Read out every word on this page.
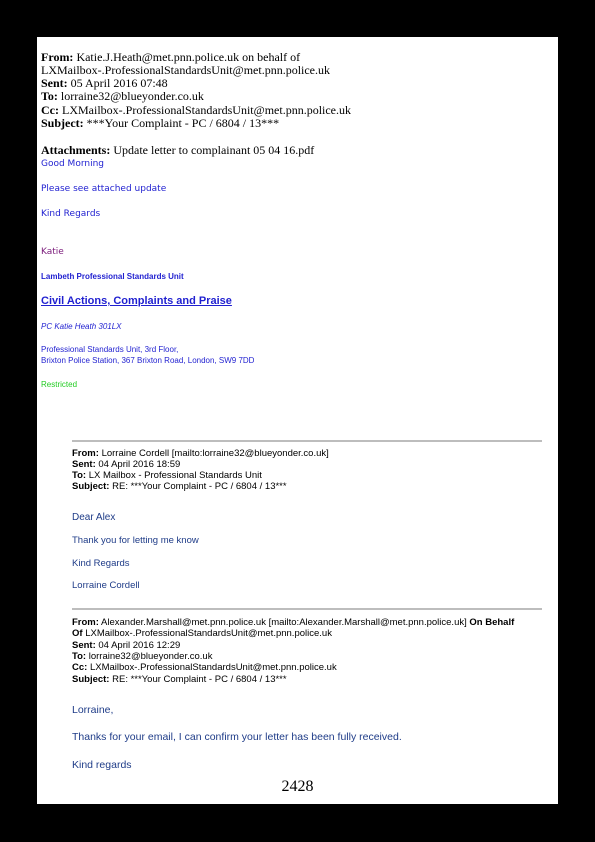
From: Katie.J.Heath@met.pnn.police.uk on behalf of
LXMailbox-.ProfessionalStandardsUnit@met.pnn.police.uk
Sent: 05 April 2016 07:48
To: lorraine32@blueyonder.co.uk
Cc: LXMailbox-.ProfessionalStandardsUnit@met.pnn.police.uk
Subject: ***Your Complaint - PC / 6804 / 13***
Attachments: Update letter to complainant 05 04 16.pdf
Good Morning
Please see attached update
Kind Regards
Katie
Lambeth Professional Standards Unit
Civil Actions, Complaints and Praise
PC Katie Heath 301LX
Professional Standards Unit, 3rd Floor,
Brixton Police Station, 367 Brixton Road, London, SW9 7DD
Restricted
From: Lorraine Cordell [mailto:lorraine32@blueyonder.co.uk]
Sent: 04 April 2016 18:59
To: LX Mailbox - Professional Standards Unit
Subject: RE: ***Your Complaint - PC / 6804 / 13***
Dear Alex
Thank you for letting me know
Kind Regards
Lorraine Cordell
From: Alexander.Marshall@met.pnn.police.uk [mailto:Alexander.Marshall@met.pnn.police.uk] On Behalf
Of LXMailbox-.ProfessionalStandardsUnit@met.pnn.police.uk
Sent: 04 April 2016 12:29
To: lorraine32@blueyonder.co.uk
Cc: LXMailbox-.ProfessionalStandardsUnit@met.pnn.police.uk
Subject: RE: ***Your Complaint - PC / 6804 / 13***
Lorraine,
Thanks for your email, I can confirm your letter has been fully received.
Kind regards
2428
